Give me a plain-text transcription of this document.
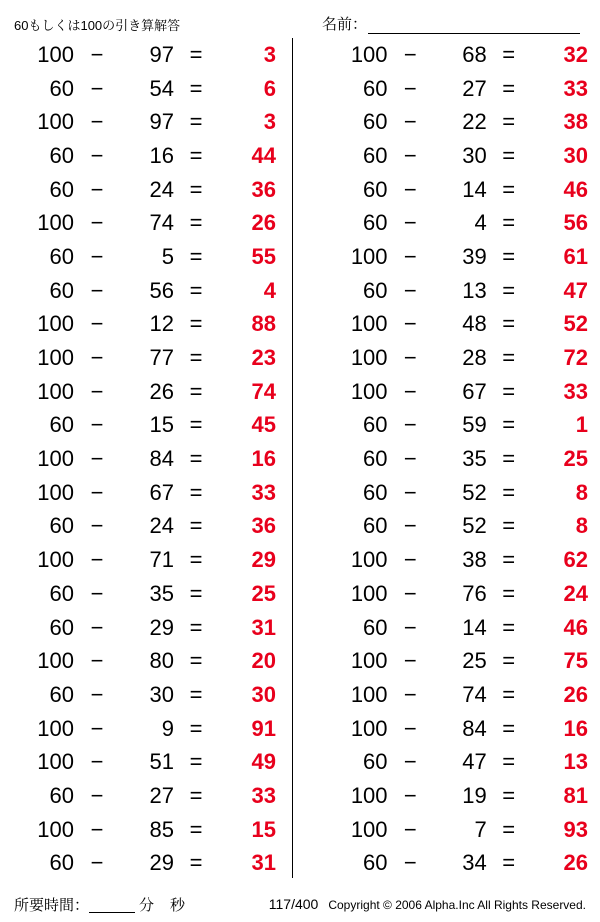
60もしくは100の引き算解答	名前：
100 −	97 =	3
60 −	54 =	6
100 −	97 =	3
60 −	16 =	44
60 −	24 =	36
100 −	74 =	26
60 −	5 =	55
60 −	56 =	4
100 −	12 =	88
100 −	77 =	23
100 −	26 =	74
60 −	15 =	45
100 −	84 =	16
100 −	67 =	33
60 −	24 =	36
100 −	71 =	29
60 −	35 =	25
60 −	29 =	31
100 −	80 =	20
60 −	30 =	30
100 −	9 =	91
100 −	51 =	49
60 −	27 =	33
100 −	85 =	15
60 −	29 =	31
100 −	68 =	32
60 −	27 =	33
60 −	22 =	38
60 −	30 =	30
60 −	14 =	46
60 −	4 =	56
100 −	39 =	61
60 −	13 =	47
100 −	48 =	52
100 −	28 =	72
100 −	67 =	33
60 −	59 =	1
60 −	35 =	25
60 −	52 =	8
60 −	52 =	8
100 −	38 =	62
100 −	76 =	24
60 −	14 =	46
100 −	25 =	75
100 −	74 =	26
100 −	84 =	16
60 −	47 =	13
100 −	19 =	81
100 −	7 =	93
60 −	34 =	26
所要時間：	分 秒	117/400 Copyright © 2006 Alpha.Inc All Rights Reserved.
